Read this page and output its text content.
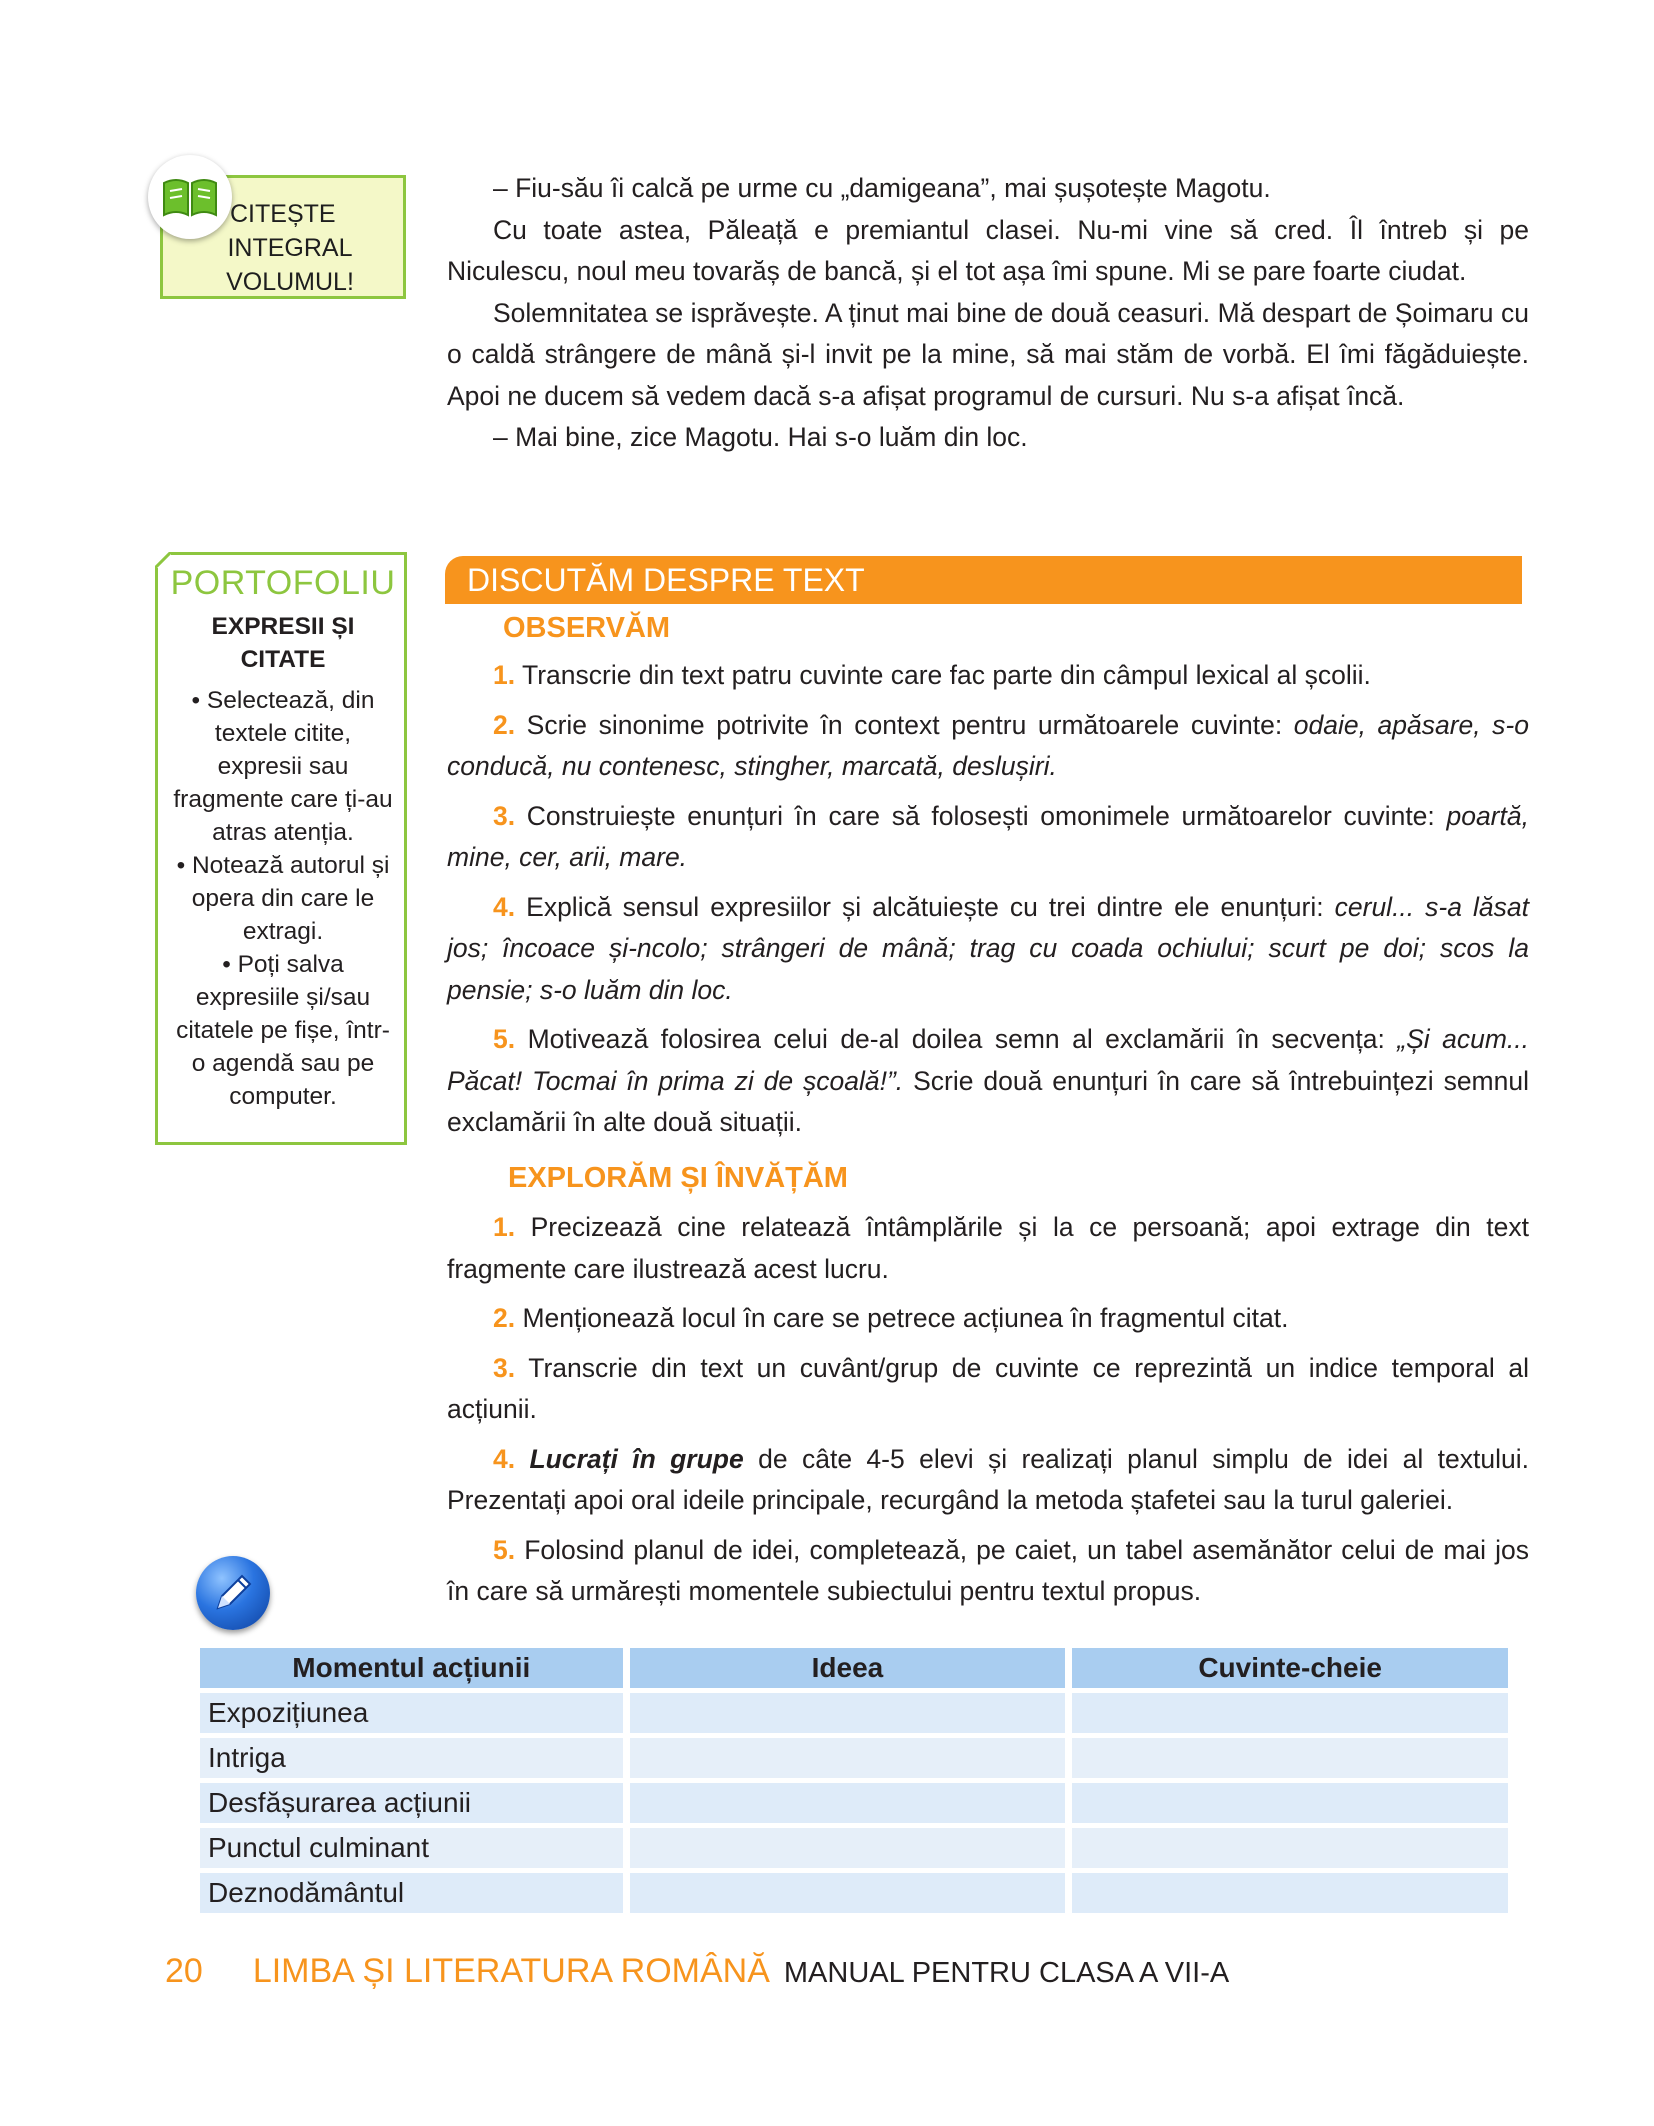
CITEȘTE
INTEGRAL
VOLUMUL!

– Fiu-său îi calcă pe urme cu „damigeana”, mai șușotește Magotu.

Cu toate astea, Păleață e premiantul clasei. Nu-mi vine să cred. Îl întreb și pe Niculescu, noul meu tovarăș de bancă, și el tot așa îmi spune. Mi se pare foarte ciudat.

Solemnitatea se isprăvește. A ținut mai bine de două ceasuri. Mă despart de Șoimaru cu o caldă strângere de mână și-l invit pe la mine, să mai stăm de vorbă. El îmi făgăduiește. Apoi ne ducem să vedem dacă s-a afișat programul de cursuri. Nu s-a afișat încă.

– Mai bine, zice Magotu. Hai s-o luăm din loc.

PORTOFOLIU
EXPRESII ȘI
CITATE

• Selectează, din textele citite, expresii sau fragmente care ți-au atras atenția.

• Notează autorul și opera din care le extragi.

• Poți salva expresiile și/sau citatele pe fișe, într-o agendă sau pe computer.

DISCUTĂM DESPRE TEXT
OBSERVĂM

1. Transcrie din text patru cuvinte care fac parte din câmpul lexical al școlii.

2. Scrie sinonime potrivite în context pentru următoarele cuvinte: odaie, apăsare, s-o conducă, nu contenesc, stingher, marcată, deslușiri.

3. Construiește enunțuri în care să folosești omonimele următoarelor cuvinte: poartă, mine, cer, arii, mare.

4. Explică sensul expresiilor și alcătuiește cu trei dintre ele enunțuri: cerul... s-a lăsat jos; încoace și-ncolo; strângeri de mână; trag cu coada ochiului; scurt pe doi; scos la pensie; s-o luăm din loc.

5. Motivează folosirea celui de-al doilea semn al exclamării în secvența: „Și acum... Păcat! Tocmai în prima zi de școală!”. Scrie două enunțuri în care să întrebuințezi semnul exclamării în alte două situații.

EXPLORĂM ȘI ÎNVĂȚĂM

1. Precizează cine relatează întâmplările și la ce persoană; apoi extrage din text fragmente care ilustrează acest lucru.

2. Menționează locul în care se petrece acțiunea în fragmentul citat.

3. Transcrie din text un cuvânt/grup de cuvinte ce reprezintă un indice temporal al acțiunii.

4. Lucrați în grupe de câte 4-5 elevi și realizați planul simplu de idei al textului. Prezentați apoi oral ideile principale, recurgând la metoda ștafetei sau la turul galeriei.

5. Folosind planul de idei, completează, pe caiet, un tabel asemănător celui de mai jos în care să urmărești momentele subiectului pentru textul propus.

Momentul acțiunii	Ideea	Cuvinte-cheie
Expozițiunea		
Intriga		
Desfășurarea acțiunii		
Punctul culminant		
Deznodământul		
20 LIMBA ȘI LITERATURA ROMÂNĂ MANUAL PENTRU CLASA A VII-A
